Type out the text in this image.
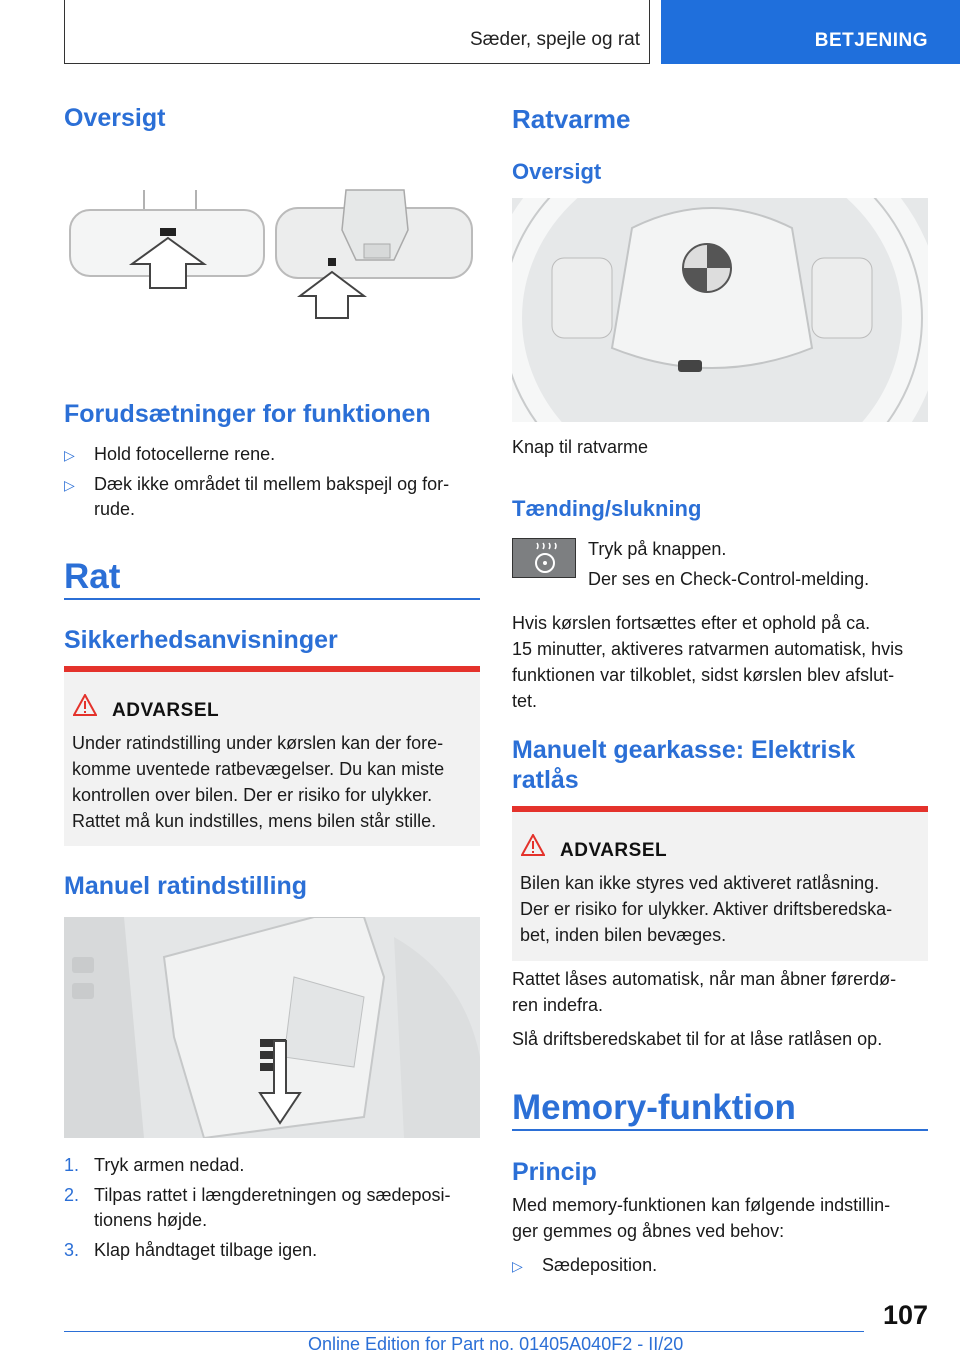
Sæder, spejle og rat	BETJENING
Oversigt
Forudsætninger for funktionen
▷ Hold fotocellerne rene.
▷ Dæk ikke området til mellem bakspejl og for-
rude.
Rat
Sikkerhedsanvisninger
ADVARSEL
Under ratindstilling under kørslen kan der fore-
komme uventede ratbevægelser. Du kan miste
kontrollen over bilen. Der er risiko for ulykker.
Rattet må kun indstilles, mens bilen står stille.
Manuel ratindstilling
1. Tryk armen nedad.
2. Tilpas rattet i længderetningen og sædeposi-
tionens højde.
3. Klap håndtaget tilbage igen.
Ratvarme
Oversigt
Knap til ratvarme
Tænding/slukning
Tryk på knappen.
Der ses en Check-Control-melding.
Hvis kørslen fortsættes efter et ophold på ca.
15 minutter, aktiveres ratvarmen automatisk, hvis
funktionen var tilkoblet, sidst kørslen blev afslut-
tet.
Manuelt gearkasse: Elektrisk
ratlås
ADVARSEL
Bilen kan ikke styres ved aktiveret ratlåsning.
Der er risiko for ulykker. Aktiver driftsberedska-
bet, inden bilen bevæges.
Rattet låses automatisk, når man åbner førerdø-
ren indefra.
Slå driftsberedskabet til for at låse ratlåsen op.
Memory-funktion
Princip
Med memory-funktionen kan følgende indstillin-
ger gemmes og åbnes ved behov:
▷ Sædeposition.
107
Online Edition for Part no. 01405A040F2 - II/20
